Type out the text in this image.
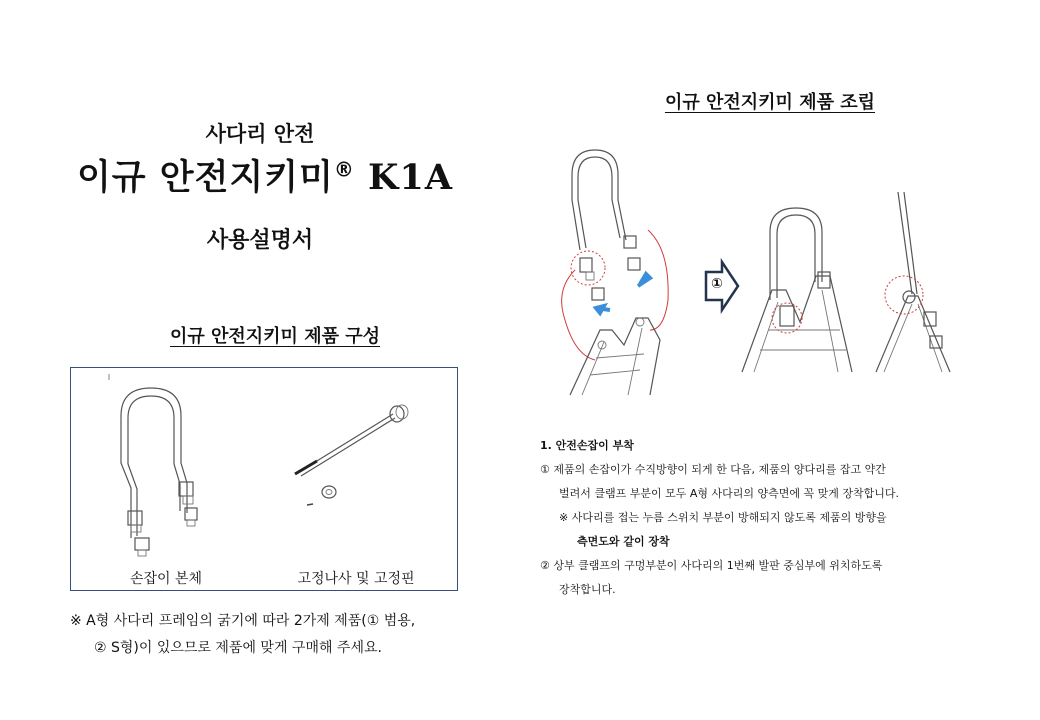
사다리 안전
이규 안전지키미® K1A
사용설명서
이규 안전지키미 제품 구성
손잡이 본체	고정나사 및 고정핀
※ A형 사다리 프레임의 굵기에 따라 2가제 제품(① 범용,
② S형)이 있으므로 제품에 맞게 구매해 주세요.
이규 안전지키미 제품 조립
①
1. 안전손잡이 부착
① 제품의 손잡이가 수직방향이 되게 한 다음, 제품의 양다리를 잡고 약간
벌려서 클램프 부분이 모두 A형 사다리의 양측면에 꼭 맞게 장착합니다.
※ 사다리를 접는 누름 스위치 부분이 방해되지 않도록 제품의 방향을
측면도와 같이 장착
② 상부 클램프의 구멍부분이 사다리의 1번째 발판 중심부에 위치하도록
장착합니다.
